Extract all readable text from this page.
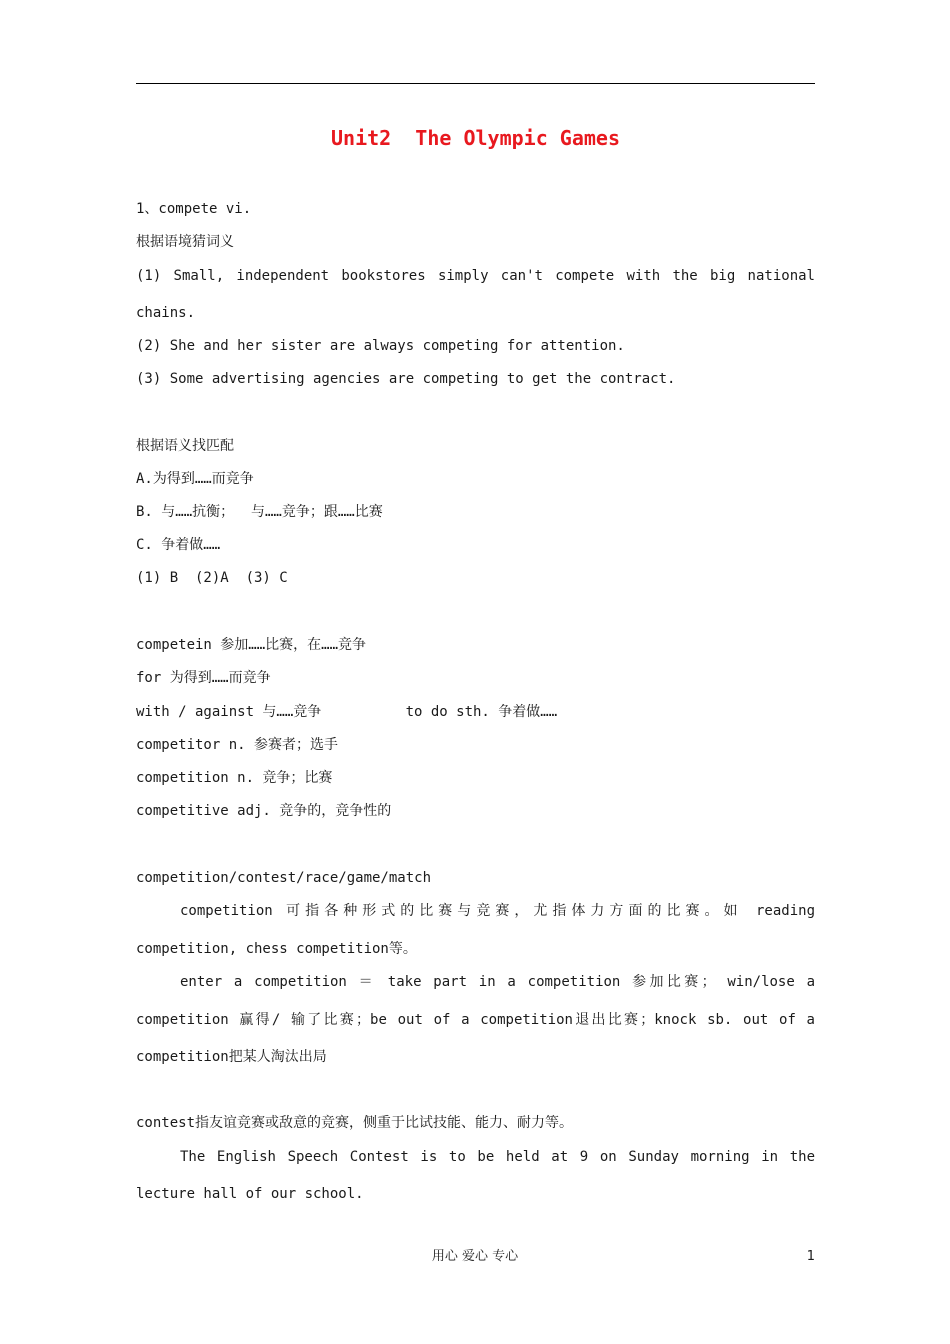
Unit2  The Olympic Games
1、compete vi.
根据语境猜词义
(1) Small, independent bookstores simply can't compete with the big national
chains.
(2) She and her sister are always competing for attention.
(3) Some advertising agencies are competing to get the contract.
根据语义找匹配
A.为得到……而竞争
B. 与……抗衡；  与……竞争；跟……比赛
C. 争着做……
(1) B  (2)A  (3) C
competein 参加……比赛，在……竞争
for 为得到……而竞争
with / against 与……竞争          to do sth. 争着做……
competitor n. 参赛者；选手
competition n. 竞争；比赛
competitive adj. 竞争的，竞争性的
competition/contest/race/game/match
competition 可指各种形式的比赛与竞赛，尤指体力方面的比赛。如 reading
competition, chess competition等。
enter a competition ＝ take part in a competition 参加比赛； win/lose a
competition 赢得/ 输了比赛；be out of a competition退出比赛；knock sb. out of a
competition把某人淘汰出局
contest指友谊竞赛或敌意的竞赛，侧重于比试技能、能力、耐力等。
The English Speech Contest is to be held at 9 on Sunday morning in the
lecture hall of our school.
用心 爱心 专心	1
